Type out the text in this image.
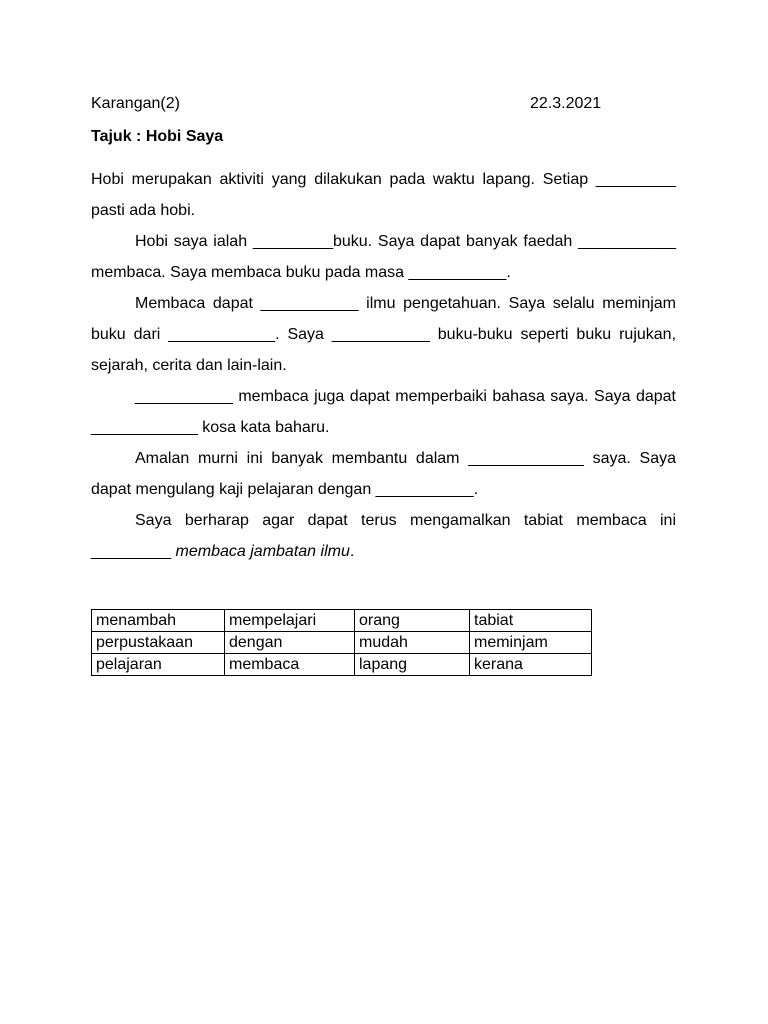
Karangan(2)	22.3.2021
Tajuk : Hobi Saya

Hobi merupakan aktiviti yang dilakukan pada waktu lapang. Setiap _________ pasti ada hobi.

Hobi saya ialah _________buku. Saya dapat banyak faedah ___________ membaca. Saya membaca buku pada masa ___________.

Membaca dapat ___________ ilmu pengetahuan. Saya selalu meminjam buku dari ____________. Saya ___________ buku-buku seperti buku rujukan, sejarah, cerita dan lain-lain.

___________ membaca juga dapat memperbaiki bahasa saya. Saya dapat ____________ kosa kata baharu.

Amalan murni ini banyak membantu dalam _____________ saya. Saya dapat mengulang kaji pelajaran dengan ___________.

Saya berharap agar dapat terus mengamalkan tabiat membaca ini _________ membaca jambatan ilmu.

menambah	mempelajari	orang	tabiat
perpustakaan	dengan	mudah	meminjam
pelajaran	membaca	lapang	kerana
